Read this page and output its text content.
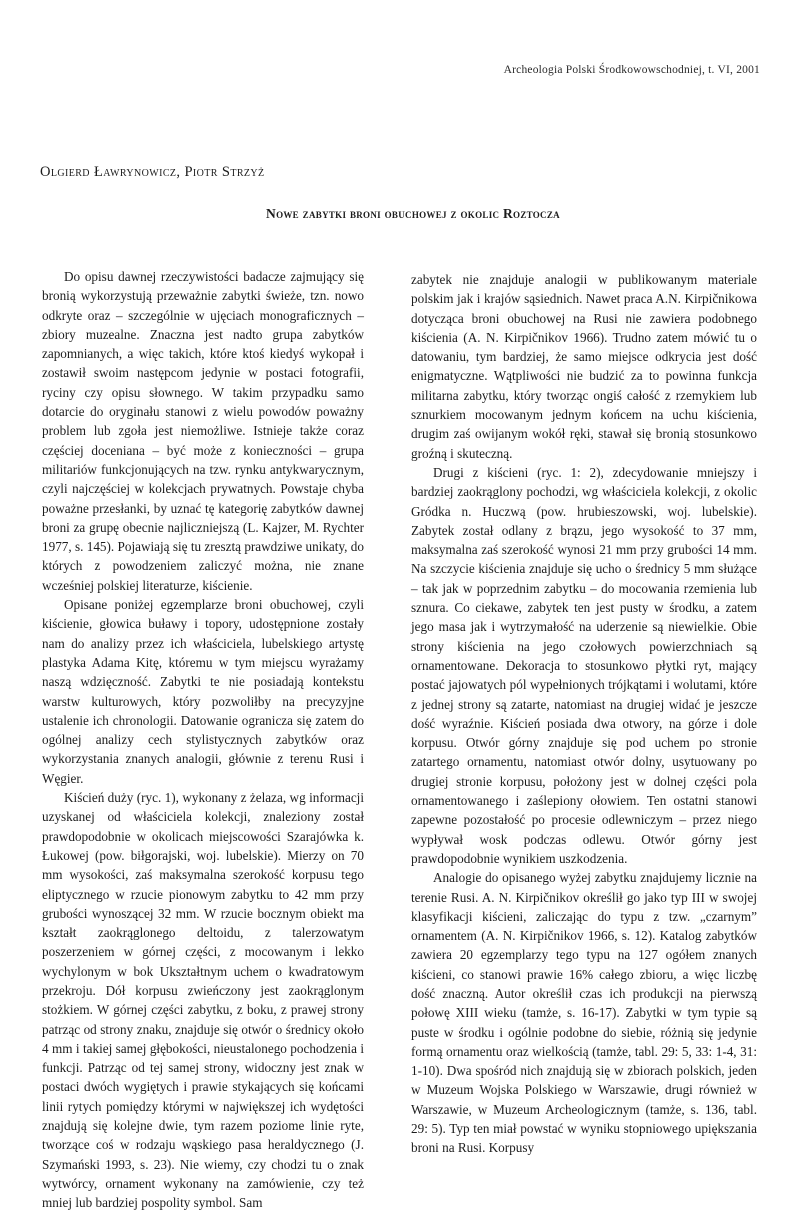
Archeologia Polski Środkowowschodniej, t. VI, 2001
Olgierd Ławrynowicz, Piotr Strzyż
Nowe zabytki broni obuchowej z okolic Roztocza

Do opisu dawnej rzeczywistości badacze zajmujący się bronią wykorzystują przeważnie zabytki świeże, tzn. nowo odkryte oraz – szczególnie w ujęciach monograficznych – zbiory muzealne. Znaczna jest nadto grupa zabytków zapomnianych, a więc takich, które ktoś kiedyś wykopał i zostawił swoim następcom jedynie w postaci fotografii, ryciny czy opisu słownego. W takim przypadku samo dotarcie do oryginału stanowi z wielu powodów poważny problem lub zgoła jest niemożliwe. Istnieje także coraz częściej doceniana – być może z konieczności – grupa militariów funkcjonujących na tzw. rynku antykwarycznym, czyli najczęściej w kolekcjach prywatnych. Powstaje chyba poważne przesłanki, by uznać tę kategorię zabytków dawnej broni za grupę obecnie najliczniejszą (L. Kajzer, M. Rychter 1977, s. 145). Pojawiają się tu zresztą prawdziwe unikaty, do których z powodzeniem zaliczyć można, nie znane wcześniej polskiej literaturze, kiścienie.

Opisane poniżej egzemplarze broni obuchowej, czyli kiścienie, głowica buławy i topory, udostępnione zostały nam do analizy przez ich właściciela, lubelskiego artystę plastyka Adama Kitę, któremu w tym miejscu wyrażamy naszą wdzięczność. Zabytki te nie posiadają kontekstu warstw kulturowych, który pozwoliłby na precyzyjne ustalenie ich chronologii. Datowanie ogranicza się zatem do ogólnej analizy cech stylistycznych zabytków oraz wykorzystania znanych analogii, głównie z terenu Rusi i Węgier.

Kiścień duży (ryc. 1), wykonany z żelaza, wg informacji uzyskanej od właściciela kolekcji, znaleziony został prawdopodobnie w okolicach miejscowości Szarajówka k. Łukowej (pow. biłgorajski, woj. lubelskie). Mierzy on 70 mm wysokości, zaś maksymalna szerokość korpusu tego eliptycznego w rzucie pionowym zabytku to 42 mm przy grubości wynoszącej 32 mm. W rzucie bocznym obiekt ma kształt zaokrąglonego deltoidu, z talerzowatym poszerzeniem w górnej części, z mocowanym i lekko wychylonym w bok Ukształtnym uchem o kwadratowym przekroju. Dół korpusu zwieńczony jest zaokrąglonym stożkiem. W górnej części zabytku, z boku, z prawej strony patrząc od strony znaku, znajduje się otwór o średnicy około 4 mm i takiej samej głębokości, nieustalonego pochodzenia i funkcji. Patrząc od tej samej strony, widoczny jest znak w postaci dwóch wygiętych i prawie stykających się końcami linii rytych pomiędzy którymi w największej ich wydętości znajdują się kolejne dwie, tym razem poziome linie ryte, tworzące coś w rodzaju wąskiego pasa heraldycznego (J. Szymański 1993, s. 23). Nie wiemy, czy chodzi tu o znak wytwórcy, ornament wykonany na zamówienie, czy też mniej lub bardziej pospolity symbol. Sam

zabytek nie znajduje analogii w publikowanym materiale polskim jak i krajów sąsiednich. Nawet praca A.N. Kirpičnikowa dotycząca broni obuchowej na Rusi nie zawiera podobnego kiścienia (A. N. Kirpičnikov 1966). Trudno zatem mówić tu o datowaniu, tym bardziej, że samo miejsce odkrycia jest dość enigmatyczne. Wątpliwości nie budzić za to powinna funkcja militarna zabytku, który tworząc ongiś całość z rzemykiem lub sznurkiem mocowanym jednym końcem na uchu kiścienia, drugim zaś owijanym wokół ręki, stawał się bronią stosunkowo groźną i skuteczną.

Drugi z kiścieni (ryc. 1: 2), zdecydowanie mniejszy i bardziej zaokrąglony pochodzi, wg właściciela kolekcji, z okolic Gródka n. Huczwą (pow. hrubieszowski, woj. lubelskie). Zabytek został odlany z brązu, jego wysokość to 37 mm, maksymalna zaś szerokość wynosi 21 mm przy grubości 14 mm. Na szczycie kiścienia znajduje się ucho o średnicy 5 mm służące – tak jak w poprzednim zabytku – do mocowania rzemienia lub sznura. Co ciekawe, zabytek ten jest pusty w środku, a zatem jego masa jak i wytrzymałość na uderzenie są niewielkie. Obie strony kiścienia na jego czołowych powierzchniach są ornamentowane. Dekoracja to stosunkowo płytki ryt, mający postać jajowatych pól wypełnionych trójkątami i wolutami, które z jednej strony są zatarte, natomiast na drugiej widać je jeszcze dość wyraźnie. Kiścień posiada dwa otwory, na górze i dole korpusu. Otwór górny znajduje się pod uchem po stronie zatartego ornamentu, natomiast otwór dolny, usytuowany po drugiej stronie korpusu, położony jest w dolnej części pola ornamentowanego i zaślepiony ołowiem. Ten ostatni stanowi zapewne pozostałość po procesie odlewniczym – przez niego wypływał wosk podczas odlewu. Otwór górny jest prawdopodobnie wynikiem uszkodzenia.

Analogie do opisanego wyżej zabytku znajdujemy licznie na terenie Rusi. A. N. Kirpičnikov określił go jako typ III w swojej klasyfikacji kiścieni, zaliczając do typu z tzw. „czarnym” ornamentem (A. N. Kirpičnikov 1966, s. 12). Katalog zabytków zawiera 20 egzemplarzy tego typu na 127 ogółem znanych kiścieni, co stanowi prawie 16% całego zbioru, a więc liczbę dość znaczną. Autor określił czas ich produkcji na pierwszą połowę XIII wieku (tamże, s. 16-17). Zabytki w tym typie są puste w środku i ogólnie podobne do siebie, różnią się jedynie formą ornamentu oraz wielkością (tamże, tabl. 29: 5, 33: 1-4, 31: 1-10). Dwa spośród nich znajdują się w zbiorach polskich, jeden w Muzeum Wojska Polskiego w Warszawie, drugi również w Warszawie, w Muzeum Archeologicznym (tamże, s. 136, tabl. 29: 5). Typ ten miał powstać w wyniku stopniowego upiększania broni na Rusi. Korpusy
